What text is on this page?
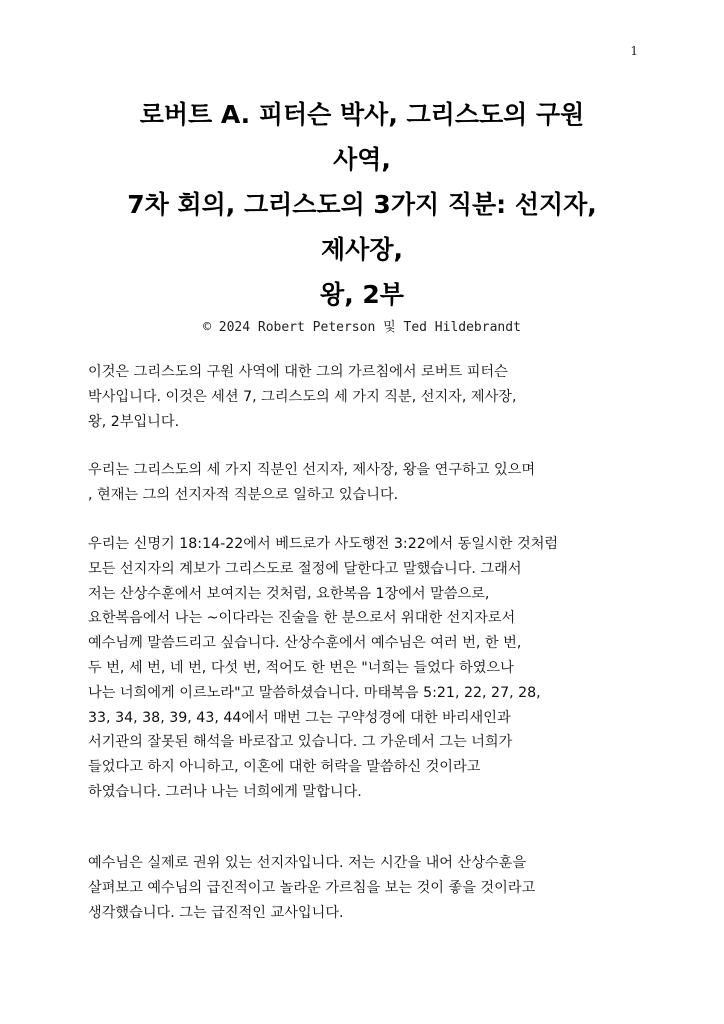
1
로버트 A. 피터슨 박사, 그리스도의 구원
사역,
7차 회의, 그리스도의 3가지 직분: 선지자,
제사장,
왕, 2부
© 2024 Robert Peterson 및 Ted Hildebrandt
이것은 그리스도의 구원 사역에 대한 그의 가르침에서 로버트 피터슨
박사입니다. 이것은 세션 7, 그리스도의 세 가지 직분, 선지자, 제사장,
왕, 2부입니다.
우리는 그리스도의 세 가지 직분인 선지자, 제사장, 왕을 연구하고 있으며
, 현재는 그의 선지자적 직분으로 일하고 있습니다.
우리는 신명기 18:14-22에서 베드로가 사도행전 3:22에서 동일시한 것처럼
모든 선지자의 계보가 그리스도로 절정에 달한다고 말했습니다. 그래서
저는 산상수훈에서 보여지는 것처럼, 요한복음 1장에서 말씀으로,
요한복음에서 나는 ~이다라는 진술을 한 분으로서 위대한 선지자로서
예수님께 말씀드리고 싶습니다. 산상수훈에서 예수님은 여러 번, 한 번,
두 번, 세 번, 네 번, 다섯 번, 적어도 한 번은 "너희는 들었다 하였으나
나는 너희에게 이르노라"고 말씀하셨습니다. 마태복음 5:21, 22, 27, 28,
33, 34, 38, 39, 43, 44에서 매번 그는 구약성경에 대한 바리새인과
서기관의 잘못된 해석을 바로잡고 있습니다. 그 가운데서 그는 너희가
들었다고 하지 아니하고, 이혼에 대한 허락을 말씀하신 것이라고
하였습니다. 그러나 나는 너희에게 말합니다.
예수님은 실제로 권위 있는 선지자입니다. 저는 시간을 내어 산상수훈을
살펴보고 예수님의 급진적이고 놀라운 가르침을 보는 것이 좋을 것이라고
생각했습니다. 그는 급진적인 교사입니다.
